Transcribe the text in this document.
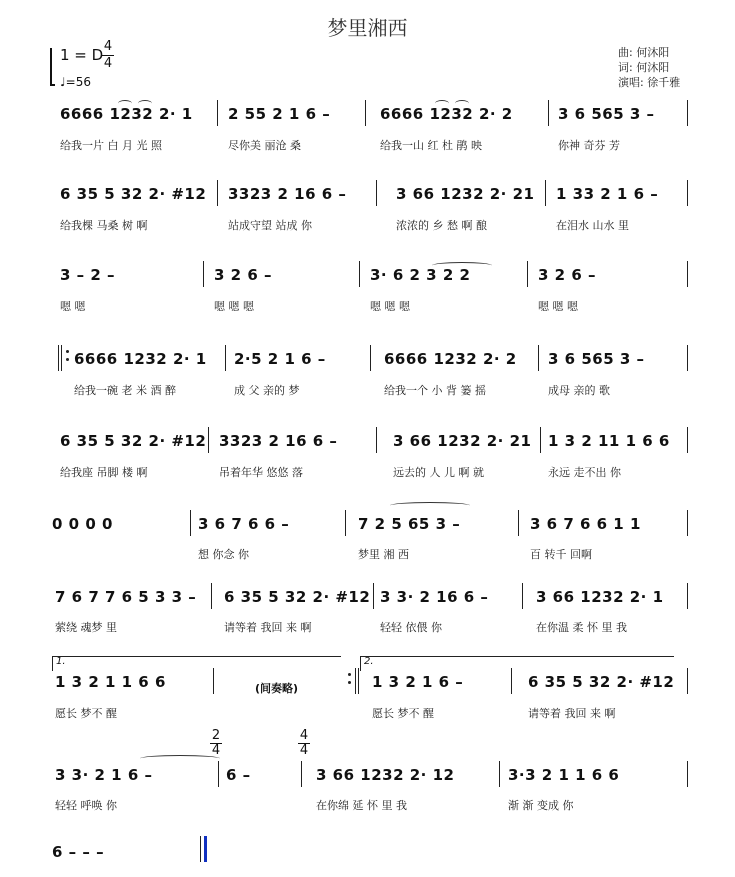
梦里湘西
1 = D 4
4
♩=56
曲: 何沐阳
词: 何沐阳
演唱: 徐千雅
6666 1232 2· 1 2 55 2 1 6 –	6666 1232 2· 2	3 6 565 3 –
给我一片 白 月 光 照	尽你美 丽沧 桑	给我一山 红 杜 鹃 映	你神 奇芬 芳
6 35 5 32 2· #12 3323 2 16 6 –	3 66 1232 2· 21 1 33 2 1 6 –
给我棵 马桑 树 啊	站成守望 站成 你	浓浓的 乡 愁 啊 酿	在泪水 山水 里
3 – 2 –	3 2 6 –	3· 6 2 3 2 2	3 2 6 –
嗯 嗯	嗯 嗯 嗯	嗯 嗯 嗯	嗯 嗯 嗯
6666 1232 2· 1 2·5 2 1 6 –	6666 1232 2· 2 3 6 565 3 –
给我一碗 老 米 酒 醉	成 父 亲的 梦	给我一个 小 背 篓 摇	成母 亲的 歌
6 35 5 32 2· #12 3323 2 16 6 –	3 66 1232 2· 21 1 3 2 11 1 6 6
给我座 吊脚 楼 啊	吊着年华 悠悠 落	远去的 人 儿 啊 就	永远 走不出 你
0 0 0 0	3 6 7 6 6 –	7 2 5 65 3 –	3 6 7 6 6 1 1
想 你念 你	梦里 湘 西	百 转千 回啊
7 6 7 7 6 5 3 3 – 6 35 5 32 2· #12 3 3· 2 16 6 –	3 66 1232 2· 1
萦绕 魂梦 里	请等着 我回 来 啊	轻轻 依偎 你	在你温 柔 怀 里 我
1.	2.
1 3 2 1 1 6 6	(间奏略)	1 3 2 1 6 –	6 35 5 32 2· #12
愿长 梦不 醒	愿长 梦不 醒	请等着 我回 来 啊
2
4
4
4
3 3· 2 1 6 –	6 –	3 66 1232 2· 12	3·3 2 1 1 6 6
轻轻 呼唤 你	在你绵 延 怀 里 我	渐 渐 变成 你
6 – – –
